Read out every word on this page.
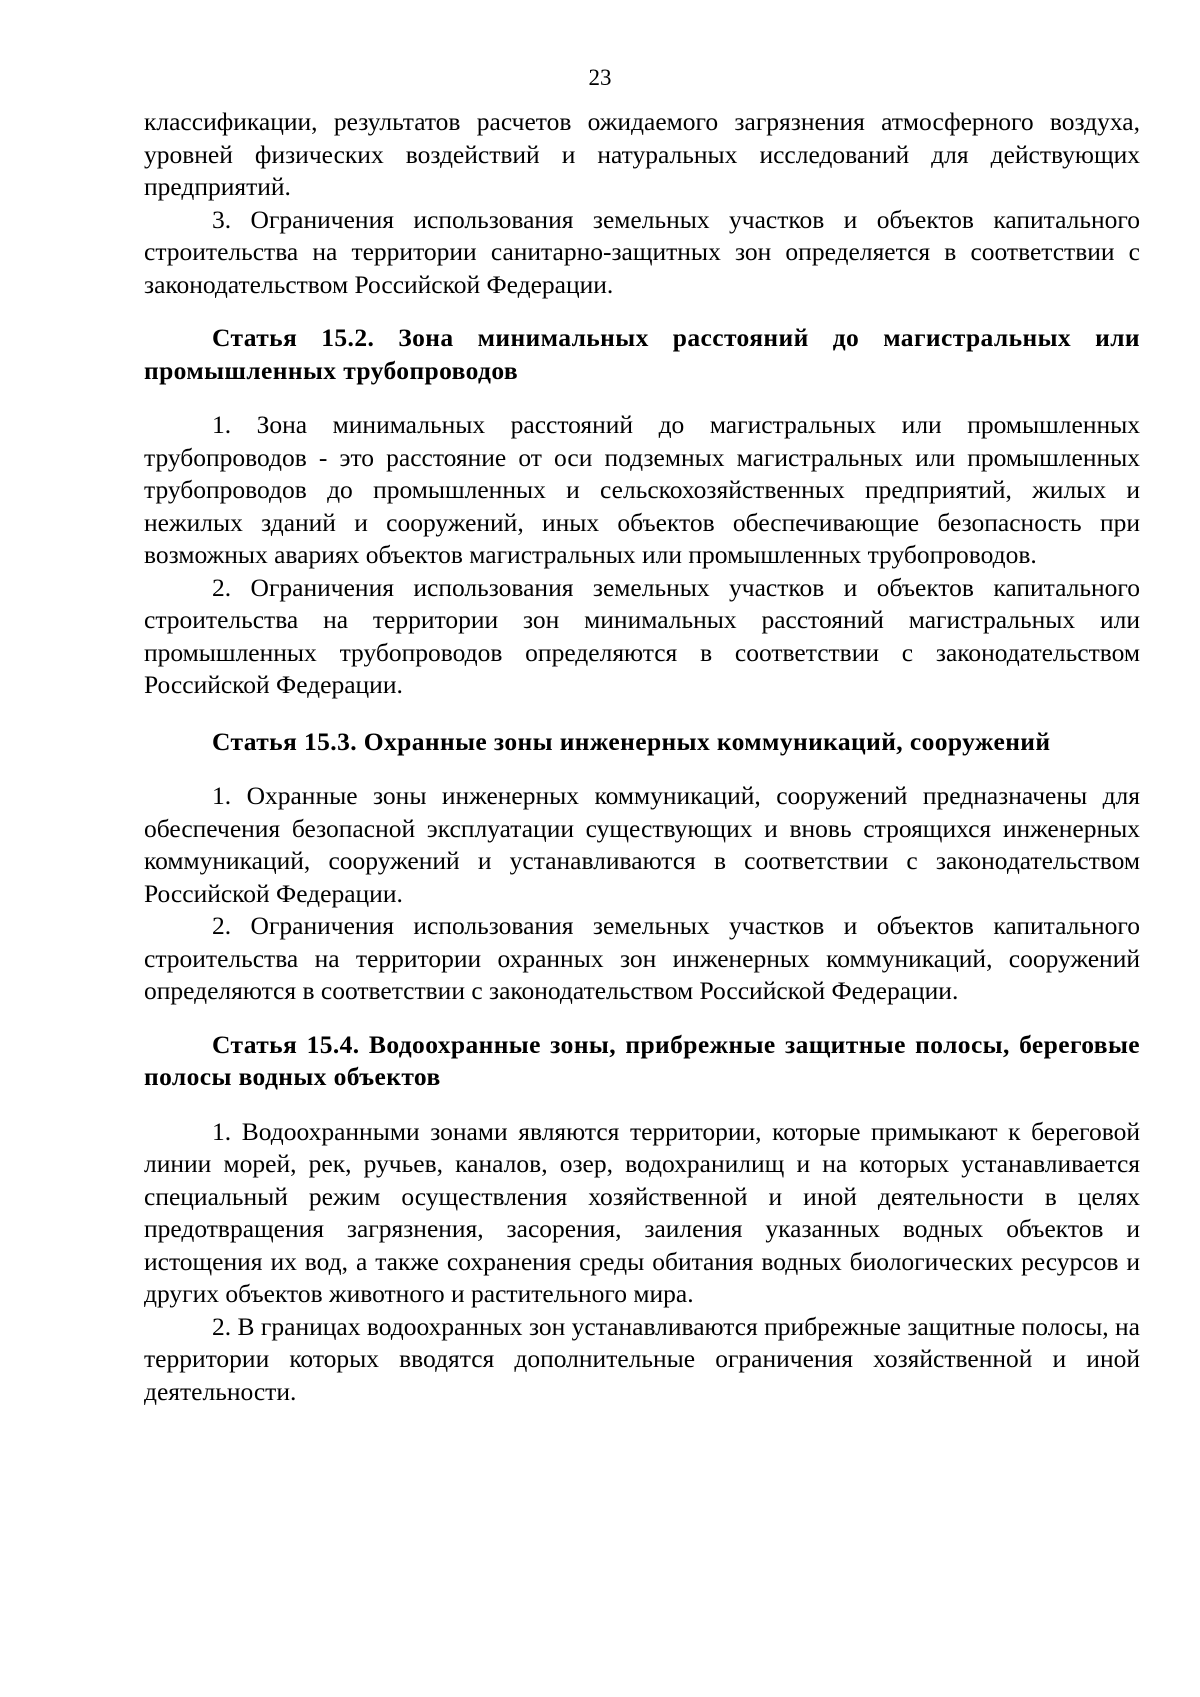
23

классификации, результатов расчетов ожидаемого загрязнения атмосферного воздуха, уровней физических воздействий и натуральных исследований для действующих предприятий.

3. Ограничения использования земельных участков и объектов капитального строительства на территории санитарно-защитных зон определяется в соответствии с законодательством Российской Федерации.

Статья 15.2. Зона минимальных расстояний до магистральных или промышленных трубопроводов

1. Зона минимальных расстояний до магистральных или промышленных трубопроводов - это расстояние от оси подземных магистральных или промышленных трубопроводов до промышленных и сельскохозяйственных предприятий, жилых и нежилых зданий и сооружений, иных объектов обеспечивающие безопасность при возможных авариях объектов магистральных или промышленных трубопроводов.

2. Ограничения использования земельных участков и объектов капитального строительства на территории зон минимальных расстояний магистральных или промышленных трубопроводов определяются в соответствии с законодательством Российской Федерации.

Статья 15.3. Охранные зоны инженерных коммуникаций, сооружений

1. Охранные зоны инженерных коммуникаций, сооружений предназначены для обеспечения безопасной эксплуатации существующих и вновь строящихся инженерных коммуникаций, сооружений и устанавливаются в соответствии с законодательством Российской Федерации.

2. Ограничения использования земельных участков и объектов капитального строительства на территории охранных зон инженерных коммуникаций, сооружений определяются в соответствии с законодательством Российской Федерации.

Статья 15.4. Водоохранные зоны, прибрежные защитные полосы, береговые полосы водных объектов

1. Водоохранными зонами являются территории, которые примыкают к береговой линии морей, рек, ручьев, каналов, озер, водохранилищ и на которых устанавливается специальный режим осуществления хозяйственной и иной деятельности в целях предотвращения загрязнения, засорения, заиления указанных водных объектов и истощения их вод, а также сохранения среды обитания водных биологических ресурсов и других объектов животного и растительного мира.

2. В границах водоохранных зон устанавливаются прибрежные защитные полосы, на территории которых вводятся дополнительные ограничения хозяйственной и иной деятельности.
